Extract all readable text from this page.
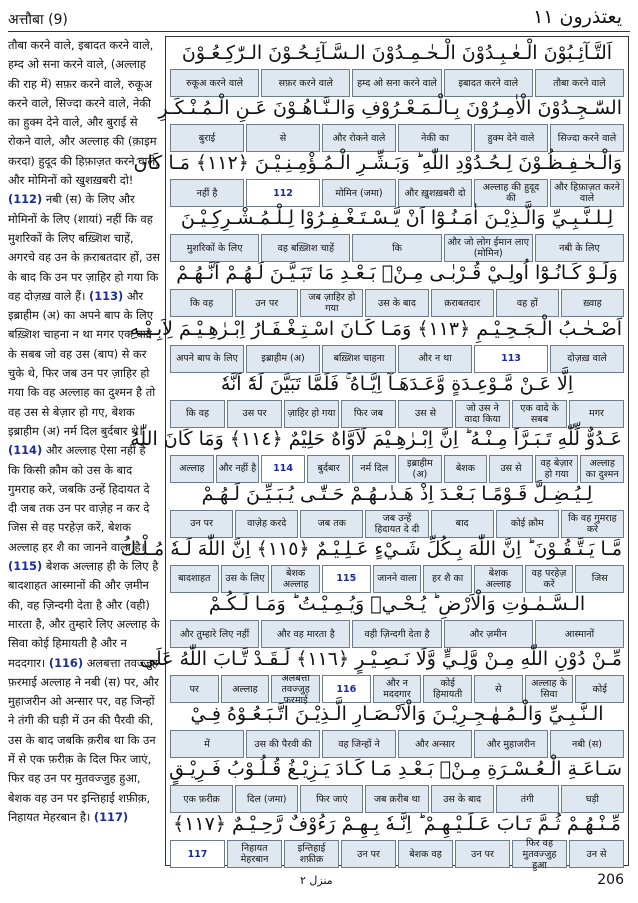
अत्तौबा (9)	يعتذرون ١١
तौबा करने वाले, इबादत करने वाले, हम्द ओ सना करने वाले, (अल्लाह की राह में) सफ़र करने वाले, रुकूअ करने वाले, सिज्दा करने वाले, नेकी का हुक्म देने वाले, और बुराई से रोकने वाले, और अल्लाह की (क़ाइम करदा) हुदूद की हिफ़ाज़त करने वाले, और मोमिनों को खुशख़बरी दो! (112) नबी (स) के लिए और मोमिनों के लिए (शायां) नहीं कि वह मुशरिकों के लिए बख़्शिश चाहें, अगरचे वह उन के क़राबतदार हों, उस के बाद कि उन पर ज़ाहिर हो गया कि वह दोज़ख़ वाले हैं। (113) और इब्राहीम (अ) का अपने बाप के लिए बख़्शिश चाहना न था मगर एक वादे के सबब जो वह उस (बाप) से कर चुके थे, फिर जब उन पर ज़ाहिर हो गया कि वह अल्लाह का दुश्मन है तो वह उस से बेज़ार हो गए, बेशक इब्राहीम (अ) नर्म दिल बुर्दबार थे। (114) और अल्लाह ऐसा नहीं है कि किसी क़ौम को उस के बाद गुमराह करे, जबकि उन्हें हिदायत दे दी जब तक उन पर वाज़ेह न कर दे जिस से वह परहेज़ करें, बेशक अल्लाह हर शै का जानने वाला है। (115) बेशक अल्लाह ही के लिए है बादशाहत आस्मानों की और ज़मीन की, वह ज़िन्दगी देता है और (वही) मारता है, और तुम्हारे लिए अल्लाह के सिवा कोई हिमायती है और न मददगार। (116) अलबत्ता तवज्जुह फ़रमाई अल्लाह ने नबी (स) पर, और मुहाजरीन ओ अन्सार पर, वह जिन्हों ने तंगी की घड़ी में उन की पैरवी की, उस के बाद जबकि क़रीब था कि उन में से एक फ़रीक़ के दिल फिर जाएं, फिर वह उन पर मुतवज्जुह हुआ, बेशक वह उन पर इन्तिहाई शफ़ीक़, निहायत मेहरबान है। (117)
اَلتَّـآئِـبُوْنَ الْـعٰـبِـدُوْنَ الْـحٰـمِـدُوْنَ الـسَّـآئِـحُـوْنَ الـرّٰكِـعُـوْنَ
तौबा करने वाले
इबादत करने वाले
हम्द ओ सना करने वाले
सफ़र करने वाले
रुकूअ करने वाले
السّٰـجِـدُوْنَ الْاٰمِـرُوْنَ بِـالْـمَـعْـرُوْفِ وَالـنَّـاهُـوْنَ عَـنِ الْـمُـنْـكَـرِ
सिज्दा करने वाले
हुक्म देने वाले
नेकी का
और रोकने वाले
से
बुराई
وَالْـحٰـفِـظُـوْنَ لِـحُـدُوْدِ اللّٰهِ ؕ وَبَـشِّـرِ الْـمُـؤْمِـنِـيْـنَ ﴿١١٢﴾ مَـا كَانَ
और हिफ़ाज़त करने वाले
अल्लाह की हुदूद की
और ख़ुशख़बरी दो
मोमिन (जमा)
112
नहीं है
لِـلـنَّـبِـيِّ وَالَّـذِيْـنَ اٰمَـنُـوْٓا اَنْ يَّـسْـتَـغْـفِـرُوْا لِـلْـمُـشْـرِكِـيْـنَ
नबी के लिए
और जो लोग ईमान लाए (मोमिन)
कि
वह बख़्शिश चाहें
मुशरिकों के लिए
وَلَـوْ كَـانُـوْٓا اُولِـيْ قُـرْبٰـى مِـنْۢ بَـعْـدِ مَا تَبَـيَّـنَ لَـهُـمْ اَنَّـهُـمْ
ख़्वाह
वह हों
क़राबतदार
उस के बाद
जब ज़ाहिर हो गया
उन पर
कि वह
اَصْـحٰـبُ الْـجَـحِـيْـمِ ﴿١١٣﴾ وَمَـا كَـانَ اسْـتِـغْـفَـارُ اِبْـرٰهِـيْـمَ لِاَبِـيْـهِ
दोज़ख़ वाले
113
और न था
बख़्शिश चाहना
इब्राहीम (अ)
अपने बाप के लिए
اِلَّا عَـنْ مَّـوْعِـدَةٍ وَّعَـدَهَـآ اِيَّـاهُ ۚ فَلَمَّا تَبَيَّنَ لَهٗٓ اَنَّهٗ
मगर
एक वादे के सबब
जो उस ने वादा किया
उस से
फिर जब
ज़ाहिर हो गया
उस पर
कि वह
عَـدُوٌّ لِّلّٰهِ تَـبَـرَّاَ مِـنْـهُ ؕ اِنَّ اِبْـرٰهِـيْمَ لَاَوَّاهٌ حَلِيْمٌ ﴿١١٤﴾ وَمَا كَانَ اللّٰهُ
अल्लाह का दुश्मन
वह बेज़ार हो गया
उस से
बेशक
इब्राहीम (अ)
नर्म दिल
बुर्दबार
114
और नहीं है
अल्लाह
لِـيُـضِـلَّ قَـوْمًـا بَـعْـدَ اِذْ هَـدٰىـهُـمْ حَـتّٰـى يُـبَـيِّـنَ لَـهُـمْ
कि वह गुमराह करे
कोई क़ौम
बाद
जब उन्हें हिदायत दे दी
जब तक
वाज़ेह करदे
उन पर
مَّـا يَـتَّـقُـوْنَ ؕ اِنَّ اللّٰهَ بِـكُلِّ شَـيْءٍ عَـلِـيْـمٌ ﴿١١٥﴾ اِنَّ اللّٰهَ لَـهٗ مُـلْـكُ
जिस
वह परहेज़ करें
बेशक अल्लाह
हर शै का
जानने वाला
115
बेशक अल्लाह
उस के लिए
बादशाहत
الـسَّـمٰـوٰتِ وَالْاَرْضِ ؕ يُـحْـيٖ وَيُـمِـيْـتُ ؕ وَمَـا لَـكُـمْ
आस्मानों
और ज़मीन
वही ज़िन्दगी देता है
और वह मारता है
और तुम्हारे लिए नहीं
مِّـنْ دُوْنِ اللّٰهِ مِـنْ وَّلِـيٍّ وَّلَا نَـصِـيْـرٍ ﴿١١٦﴾ لَـقَـدْ تَّـابَ اللّٰهُ عَلَى
कोई
अल्लाह के सिवा
से
कोई हिमायती
और न मददगार
116
अलबत्ता तवज्जुह फ़रमाई
अल्लाह
पर
الـنَّـبِـيِّ وَالْـمُـهٰـجِـرِيْـنَ وَالْاَنْـصَـارِ الَّـذِيْـنَ اتَّـبَـعُـوْهُ فِـيْ
नबी (स)
और मुहाजरीन
और अन्सार
वह जिन्हों ने
उस की पैरवी की
में
سَـاعَـةِ الْـعُـسْـرَةِ مِـنْۢ بَـعْـدِ مَـا كَـادَ يَـزِيْـغُ قُـلُـوْبُ فَـرِيْـقٍ
घड़ी
तंगी
उस के बाद
जब क़रीब था
फिर जाएं
दिल (जमा)
एक फ़रीक़
مِّـنْـهُـمْ ثُـمَّ تَـابَ عَـلَـيْـهِـمْ ؕ اِنَّـهٗ بِـهِـمْ رَءُوْفٌ رَّحِـيْـمٌ ﴿١١٧﴾
उन से
फिर वह मुतवज्जुह हुआ
उन पर
बेशक वह
उन पर
इन्तिहाई शफ़ीक़
निहायत मेहरबान
117
منزل ٢	206
